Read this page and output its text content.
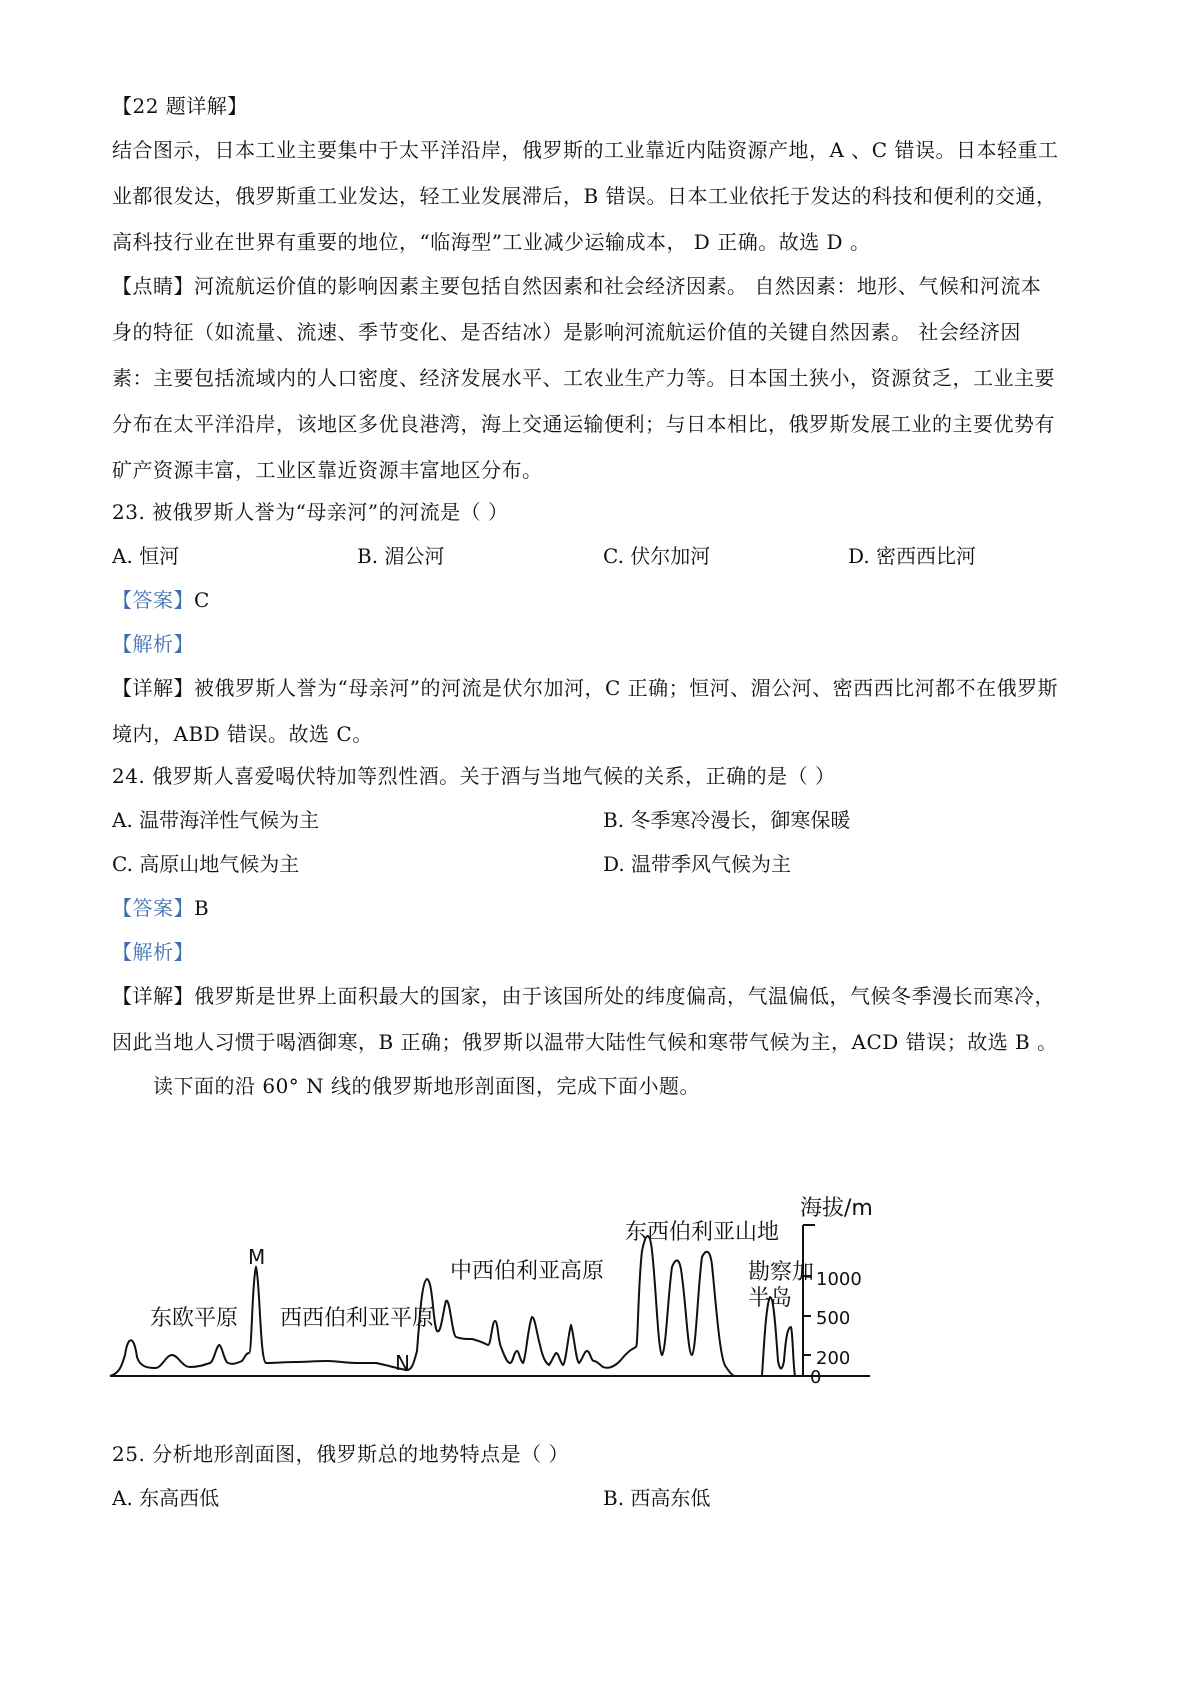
【22 题详解】
结合图示，日本工业主要集中于太平洋沿岸，俄罗斯的工业靠近内陆资源产地，A 、C 错误。日本轻重工
业都很发达，俄罗斯重工业发达，轻工业发展滞后，B 错误。日本工业依托于发达的科技和便利的交通，
高科技行业在世界有重要的地位，“临海型”工业减少运输成本， D 正确。故选 D 。
【点睛】河流航运价值的影响因素主要包括自然因素和社会经济因素。 自然因素：地形、气候和河流本
身的特征（如流量、流速、季节变化、是否结冰）是影响河流航运价值的关键自然因素。 社会经济因
素：主要包括流域内的人口密度、经济发展水平、工农业生产力等。日本国土狭小，资源贫乏，工业主要
分布在太平洋沿岸，该地区多优良港湾，海上交通运输便利；与日本相比，俄罗斯发展工业的主要优势有
矿产资源丰富，工业区靠近资源丰富地区分布。
23. 被俄罗斯人誉为“母亲河”的河流是（ ）
A. 恒河	B. 湄公河	C. 伏尔加河	D. 密西西比河
【答案】C
【解析】
【详解】被俄罗斯人誉为“母亲河”的河流是伏尔加河，C 正确；恒河、湄公河、密西西比河都不在俄罗斯
境内，ABD 错误。故选 C。
24. 俄罗斯人喜爱喝伏特加等烈性酒。关于酒与当地气候的关系，正确的是（ ）
A. 温带海洋性气候为主	B. 冬季寒冷漫长，御寒保暖
C. 高原山地气候为主	D. 温带季风气候为主
【答案】B
【解析】
【详解】俄罗斯是世界上面积最大的国家，由于该国所处的纬度偏高，气温偏低，气候冬季漫长而寒冷，
因此当地人习惯于喝酒御寒，B 正确；俄罗斯以温带大陆性气候和寒带气候为主，ACD 错误；故选 B 。
读下面的沿 60° N 线的俄罗斯地形剖面图，完成下面小题。
海拔/m
1000
500
200
0
东欧平原
M
西西伯利亚平原
N
中西伯利亚高原
东西伯利亚山地
勘察加
半岛
25. 分析地形剖面图，俄罗斯总的地势特点是（ ）
A. 东高西低	B. 西高东低
